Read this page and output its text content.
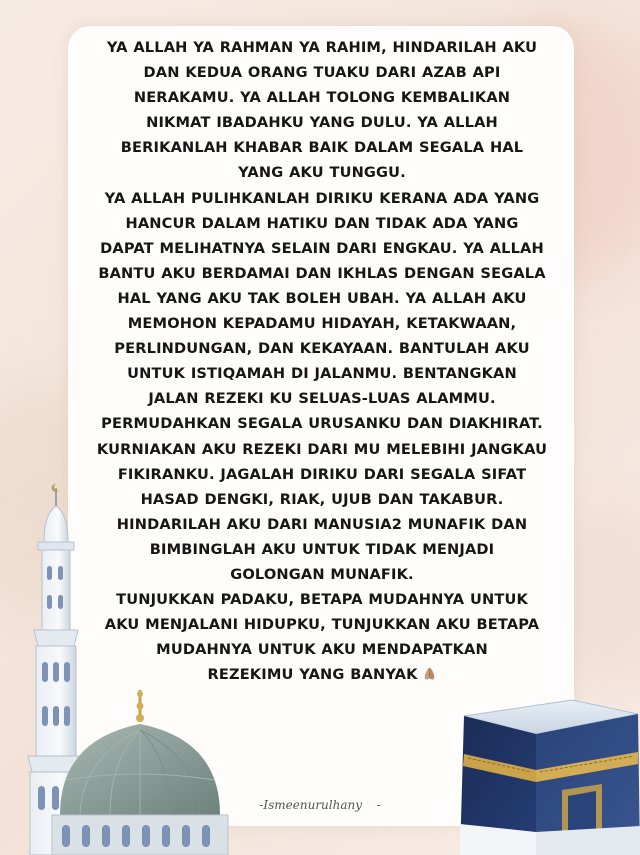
YA ALLAH YA RAHMAN YA RAHIM, HINDARILAH AKU
DAN KEDUA ORANG TUAKU DARI AZAB API
NERAKAMU. YA ALLAH TOLONG KEMBALIKAN
NIKMAT IBADAHKU YANG DULU. YA ALLAH
BERIKANLAH KHABAR BAIK DALAM SEGALA HAL
YANG AKU TUNGGU.
YA ALLAH PULIHKANLAH DIRIKU KERANA ADA YANG
HANCUR DALAM HATIKU DAN TIDAK ADA YANG
DAPAT MELIHATNYA SELAIN DARI ENGKAU. YA ALLAH
BANTU AKU BERDAMAI DAN IKHLAS DENGAN SEGALA
HAL YANG AKU TAK BOLEH UBAH. YA ALLAH AKU
MEMOHON KEPADAMU HIDAYAH, KETAKWAAN,
PERLINDUNGAN, DAN KEKAYAAN. BANTULAH AKU
UNTUK ISTIQAMAH DI JALANMU. BENTANGKAN
JALAN REZEKI KU SELUAS-LUAS ALAMMU.
PERMUDAHKAN SEGALA URUSANKU DAN DIAKHIRAT.
KURNIAKAN AKU REZEKI DARI MU MELEBIHI JANGKAU
FIKIRANKU. JAGALAH DIRIKU DARI SEGALA SIFAT
HASAD DENGKI, RIAK, UJUB DAN TAKABUR.
HINDARILAH AKU DARI MANUSIA2 MUNAFIK DAN
BIMBINGLAH AKU UNTUK TIDAK MENJADI
GOLONGAN MUNAFIK.
TUNJUKKAN PADAKU, BETAPA MUDAHNYA UNTUK
AKU MENJALANI HIDUPKU, TUNJUKKAN AKU BETAPA
MUDAHNYA UNTUK AKU MENDAPATKAN
REZEKIMU YANG BANYAK

-Ismeenurulhany ♡-
